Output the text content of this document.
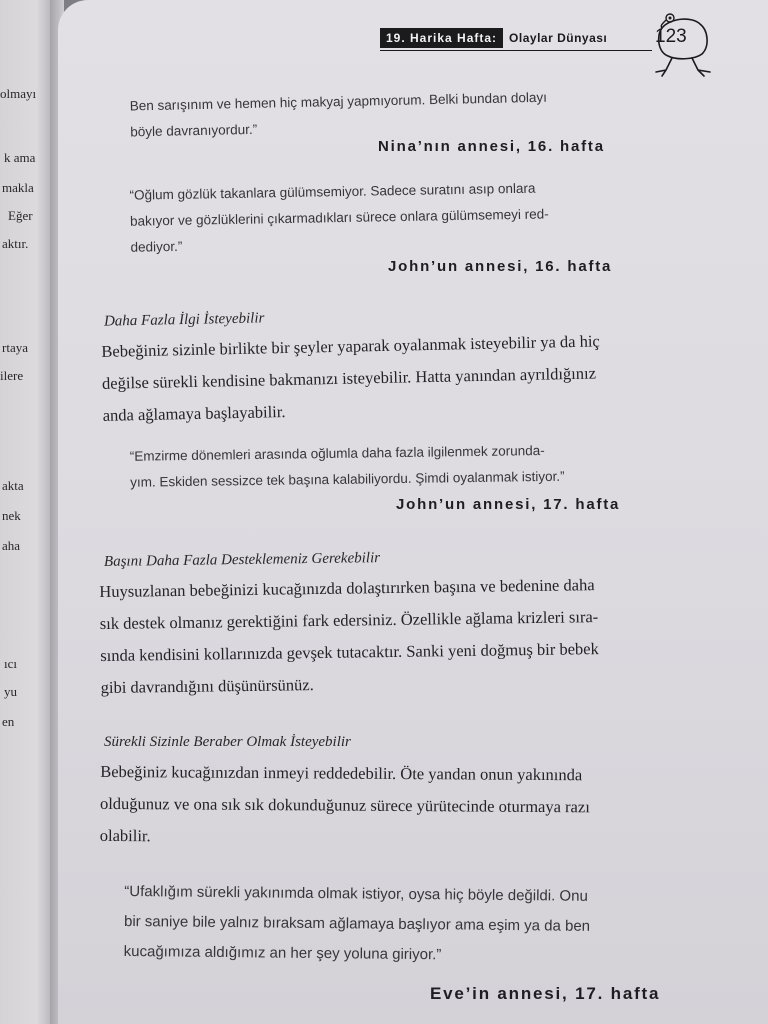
olmayı
k ama
makla
Eğer
aktır.
rtaya
ilere
akta
nek
aha
ıcı
yu
en
19. Harika Hafta:	Olaylar Dünyası	123

Ben sarışınım ve hemen hiç makyaj yapmıyorum. Belki bundan dolayı

böyle davranıyordur.”

Nina’nın annesi, 16. hafta

“Oğlum gözlük takanlara gülümsemiyor. Sadece suratını asıp onlara

bakıyor ve gözlüklerini çıkarmadıkları sürece onlara gülümsemeyi red-

dediyor.”

John’un annesi, 16. hafta
Daha Fazla İlgi İsteyebilir

Bebeğiniz sizinle birlikte bir şeyler yaparak oyalanmak isteyebilir ya da hiç

değilse sürekli kendisine bakmanızı isteyebilir. Hatta yanından ayrıldığınız

anda ağlamaya başlayabilir.

“Emzirme dönemleri arasında oğlumla daha fazla ilgilenmek zorunda-

yım. Eskiden sessizce tek başına kalabiliyordu. Şimdi oyalanmak istiyor.”

John’un annesi, 17. hafta
Başını Daha Fazla Desteklemeniz Gerekebilir

Huysuzlanan bebeğinizi kucağınızda dolaştırırken başına ve bedenine daha

sık destek olmanız gerektiğini fark edersiniz. Özellikle ağlama krizleri sıra-

sında kendisini kollarınızda gevşek tutacaktır. Sanki yeni doğmuş bir bebek

gibi davrandığını düşünürsünüz.

Sürekli Sizinle Beraber Olmak İsteyebilir

Bebeğiniz kucağınızdan inmeyi reddedebilir. Öte yandan onun yakınında

olduğunuz ve ona sık sık dokunduğunuz sürece yürütecinde oturmaya razı

olabilir.

“Ufaklığım sürekli yakınımda olmak istiyor, oysa hiç böyle değildi. Onu

bir saniye bile yalnız bıraksam ağlamaya başlıyor ama eşim ya da ben

kucağımıza aldığımız an her şey yoluna giriyor.”

Eve’in annesi, 17. hafta
